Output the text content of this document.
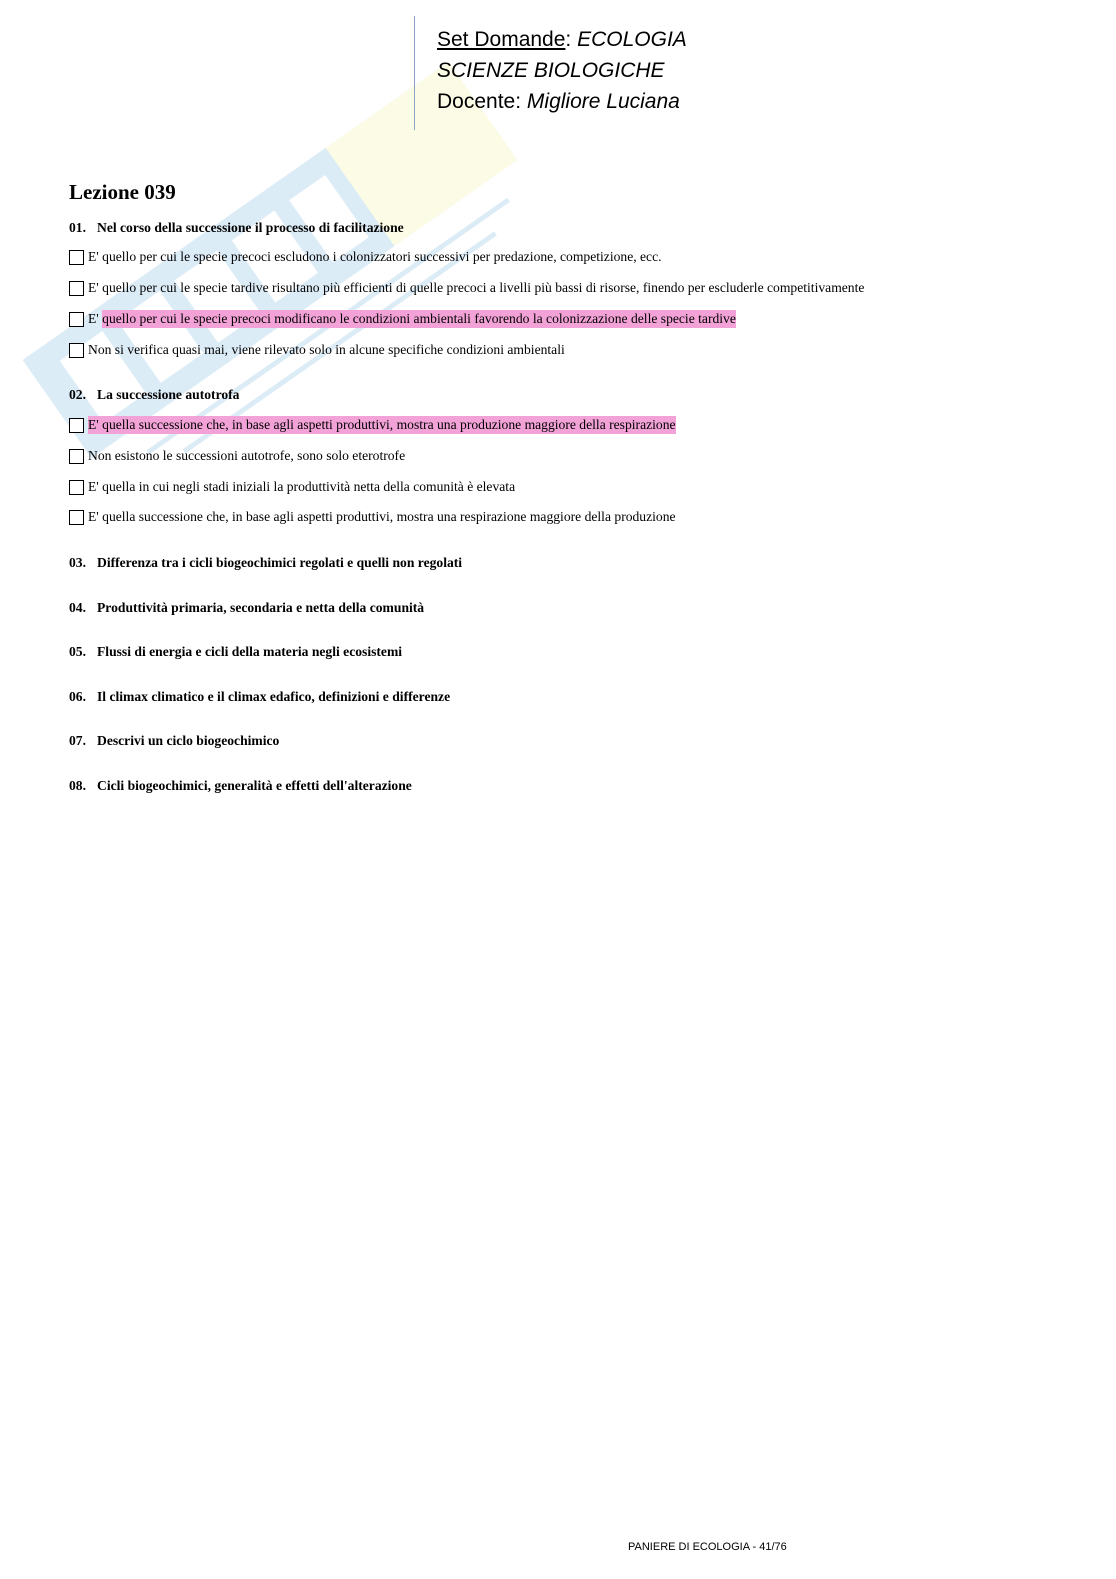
Set Domande: ECOLOGIA
SCIENZE BIOLOGICHE
Docente: Migliore Luciana
Lezione 039
01. Nel corso della successione il processo di facilitazione
E' quello per cui le specie precoci escludono i colonizzatori successivi per predazione, competizione, ecc.
E' quello per cui le specie tardive risultano più efficienti di quelle precoci a livelli più bassi di risorse, finendo per escluderle competitivamente
E' quello per cui le specie precoci modificano le condizioni ambientali favorendo la colonizzazione delle specie tardive
Non si verifica quasi mai, viene rilevato solo in alcune specifiche condizioni ambientali
02. La successione autotrofa
E' quella successione che, in base agli aspetti produttivi, mostra una produzione maggiore della respirazione
Non esistono le successioni autotrofe, sono solo eterotrofe
E' quella in cui negli stadi iniziali la produttività netta della comunità è elevata
E' quella successione che, in base agli aspetti produttivi, mostra una respirazione maggiore della produzione
03. Differenza tra i cicli biogeochimici regolati e quelli non regolati
04. Produttività primaria, secondaria e netta della comunità
05. Flussi di energia e cicli della materia negli ecosistemi
06. Il climax climatico e il climax edafico, definizioni e differenze
07. Descrivi un ciclo biogeochimico
08. Cicli biogeochimici, generalità e effetti dell'alterazione
PANIERE DI ECOLOGIA - 41/76
